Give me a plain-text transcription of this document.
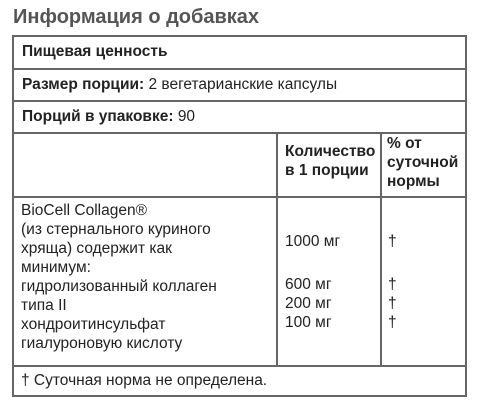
Информация о добавках
Пищевая ценность
Размер порции: 2 вегетарианские капсулы
Порций в упаковке: 90
Количество
в 1 порции
% от
суточной
нормы
BioCell Collagen®
(из стернального куриного
хряща) содержит как
минимум:
гидролизованный коллаген
типа II
хондроитинсульфат
гиалуроновую кислоту
1000 мг
600 мг
200 мг
100 мг
†
†
†
†
† Суточная норма не определена.
